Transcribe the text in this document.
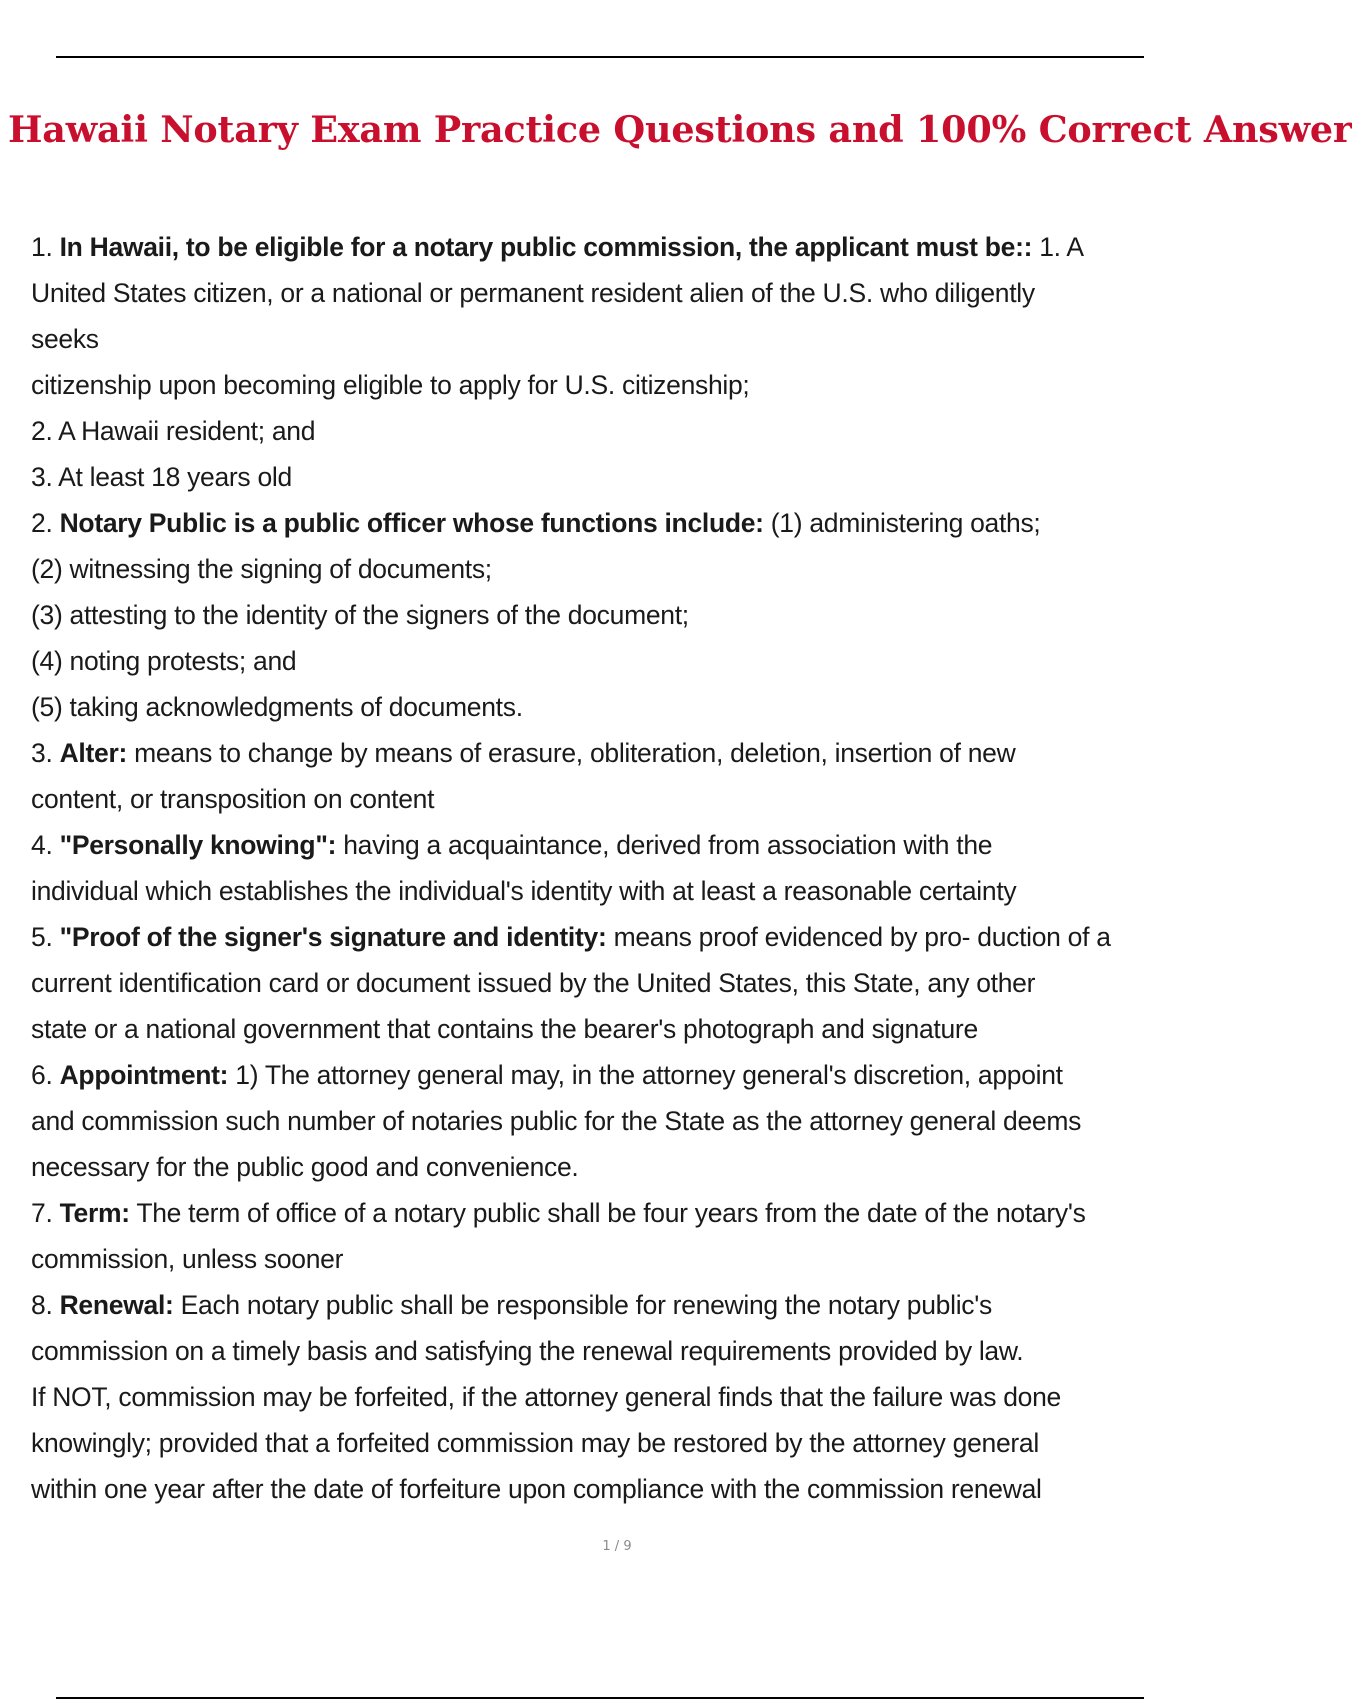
Hawaii Notary Exam Practice Questions and 100% Correct Answer

1. In Hawaii, to be eligible for a notary public commission, the applicant must be:: 1. A

United States citizen, or a national or permanent resident alien of the U.S. who diligently

seeks

citizenship upon becoming eligible to apply for U.S. citizenship;

2. A Hawaii resident; and

3. At least 18 years old

2. Notary Public is a public officer whose functions include: (1) administering oaths;

(2) witnessing the signing of documents;

(3) attesting to the identity of the signers of the document;

(4) noting protests; and

(5) taking acknowledgments of documents.

3. Alter: means to change by means of erasure, obliteration, deletion, insertion of new

content, or transposition on content

4. "Personally knowing": having a acquaintance, derived from association with the

individual which establishes the individual's identity with at least a reasonable certainty

5. "Proof of the signer's signature and identity: means proof evidenced by pro- duction of a

current identification card or document issued by the United States, this State, any other

state or a national government that contains the bearer's photograph and signature

6. Appointment: 1) The attorney general may, in the attorney general's discretion, appoint

and commission such number of notaries public for the State as the attorney general deems

necessary for the public good and convenience.

7. Term: The term of office of a notary public shall be four years from the date of the notary's

commission, unless sooner

8. Renewal: Each notary public shall be responsible for renewing the notary public's

commission on a timely basis and satisfying the renewal requirements provided by law.

If NOT, commission may be forfeited, if the attorney general finds that the failure was done

knowingly; provided that a forfeited commission may be restored by the attorney general

within one year after the date of forfeiture upon compliance with the commission renewal

1 / 9
